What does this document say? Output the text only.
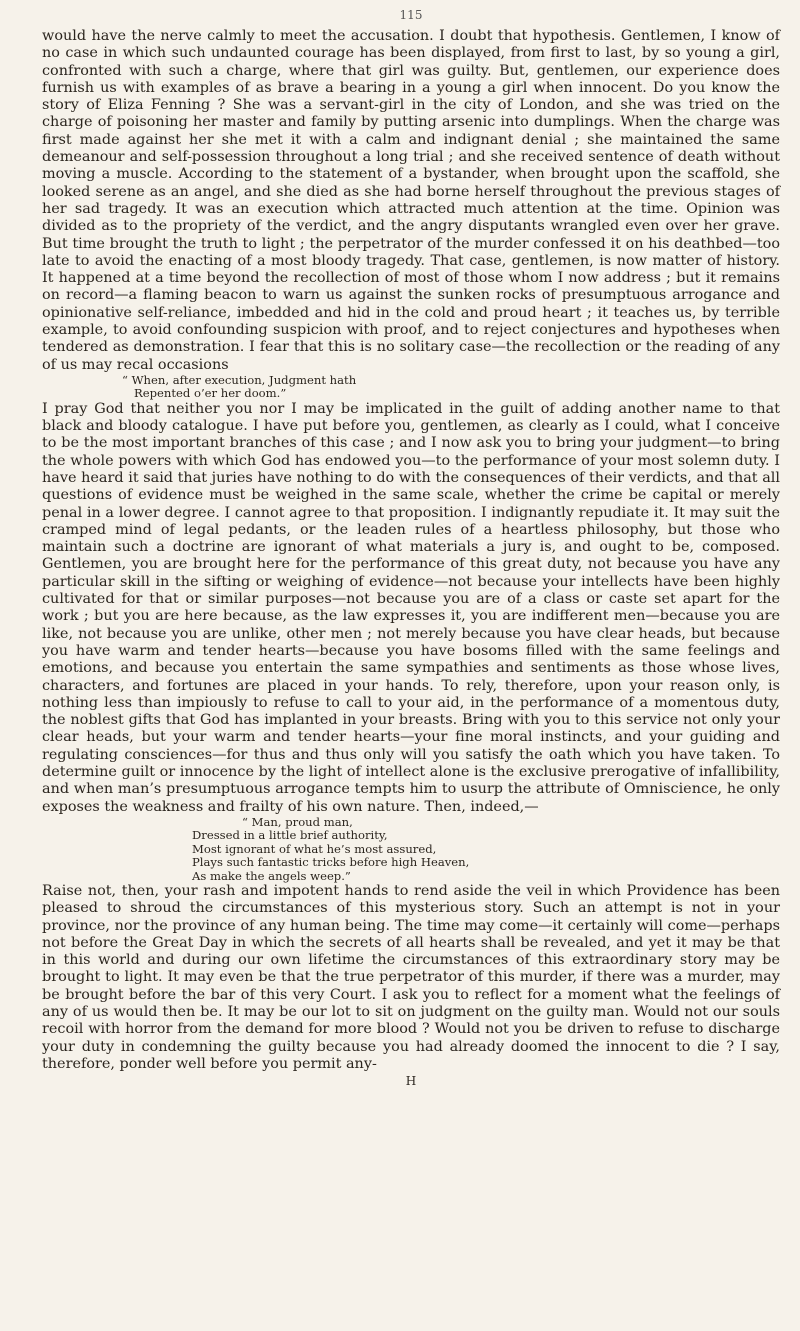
115

would have the nerve calmly to meet the accusation. I doubt that hypothesis. Gentlemen, I know of no case in which such undaunted courage has been displayed, from first to last, by so young a girl, confronted with such a charge, where that girl was guilty. But, gentlemen, our experience does furnish us with examples of as brave a bearing in a young a girl when innocent. Do you know the story of Eliza Fenning ? She was a servant-girl in the city of London, and she was tried on the charge of poisoning her master and family by putting arsenic into dumplings. When the charge was first made against her she met it with a calm and indignant denial ; she maintained the same demeanour and self-possession throughout a long trial ; and she received sentence of death without moving a muscle. According to the statement of a bystander, when brought upon the scaffold, she looked serene as an angel, and she died as she had borne herself throughout the previous stages of her sad tragedy. It was an execution which attracted much attention at the time. Opinion was divided as to the propriety of the verdict, and the angry disputants wrangled even over her grave. But time brought the truth to light ; the perpetrator of the murder confessed it on his deathbed—too late to avoid the enacting of a most bloody tragedy. That case, gentlemen, is now matter of history. It happened at a time beyond the recollection of most of those whom I now address ; but it remains on record—a flaming beacon to warn us against the sunken rocks of presumptuous arrogance and opinionative self-reliance, imbedded and hid in the cold and proud heart ; it teaches us, by terrible example, to avoid confounding suspicion with proof, and to reject conjectures and hypotheses when tendered as demonstration. I fear that this is no solitary case—the recollection or the reading of any of us may recal occasions

“ When, after execution, Judgment hath
Repented o’er her doom.”

I pray God that neither you nor I may be implicated in the guilt of adding another name to that black and bloody catalogue. I have put before you, gentlemen, as clearly as I could, what I conceive to be the most important branches of this case ; and I now ask you to bring your judgment—to bring the whole powers with which God has endowed you—to the performance of your most solemn duty. I have heard it said that juries have nothing to do with the consequences of their verdicts, and that all questions of evidence must be weighed in the same scale, whether the crime be capital or merely penal in a lower degree. I cannot agree to that proposition. I indignantly repudiate it. It may suit the cramped mind of legal pedants, or the leaden rules of a heartless philosophy, but those who maintain such a doctrine are ignorant of what materials a jury is, and ought to be, composed. Gentlemen, you are brought here for the performance of this great duty, not because you have any particular skill in the sifting or weighing of evidence—not because your intellects have been highly cultivated for that or similar purposes—not because you are of a class or caste set apart for the work ; but you are here because, as the law expresses it, you are indifferent men—because you are like, not because you are unlike, other men ; not merely because you have clear heads, but because you have warm and tender hearts—because you have bosoms filled with the same feelings and emotions, and because you entertain the same sympathies and sentiments as those whose lives, characters, and fortunes are placed in your hands. To rely, therefore, upon your reason only, is nothing less than impiously to refuse to call to your aid, in the performance of a momentous duty, the noblest gifts that God has implanted in your breasts. Bring with you to this service not only your clear heads, but your warm and tender hearts—your fine moral instincts, and your guiding and regulating consciences—for thus and thus only will you satisfy the oath which you have taken. To determine guilt or innocence by the light of intellect alone is the exclusive prerogative of infallibility, and when man’s presumptuous arrogance tempts him to usurp the attribute of Omniscience, he only exposes the weakness and frailty of his own nature. Then, indeed,—

“ Man, proud man,
Dressed in a little brief authority,
Most ignorant of what he’s most assured,
Plays such fantastic tricks before high Heaven,
As make the angels weep.”

Raise not, then, your rash and impotent hands to rend aside the veil in which Providence has been pleased to shroud the circumstances of this mysterious story. Such an attempt is not in your province, nor the province of any human being. The time may come—it certainly will come—perhaps not before the Great Day in which the secrets of all hearts shall be revealed, and yet it may be that in this world and during our own lifetime the circumstances of this extraordinary story may be brought to light. It may even be that the true perpetrator of this murder, if there was a murder, may be brought before the bar of this very Court. I ask you to reflect for a moment what the feelings of any of us would then be. It may be our lot to sit on judgment on the guilty man. Would not our souls recoil with horror from the demand for more blood ? Would not you be driven to refuse to discharge your duty in condemning the guilty because you had already doomed the innocent to die ? I say, therefore, ponder well before you permit any-

H
